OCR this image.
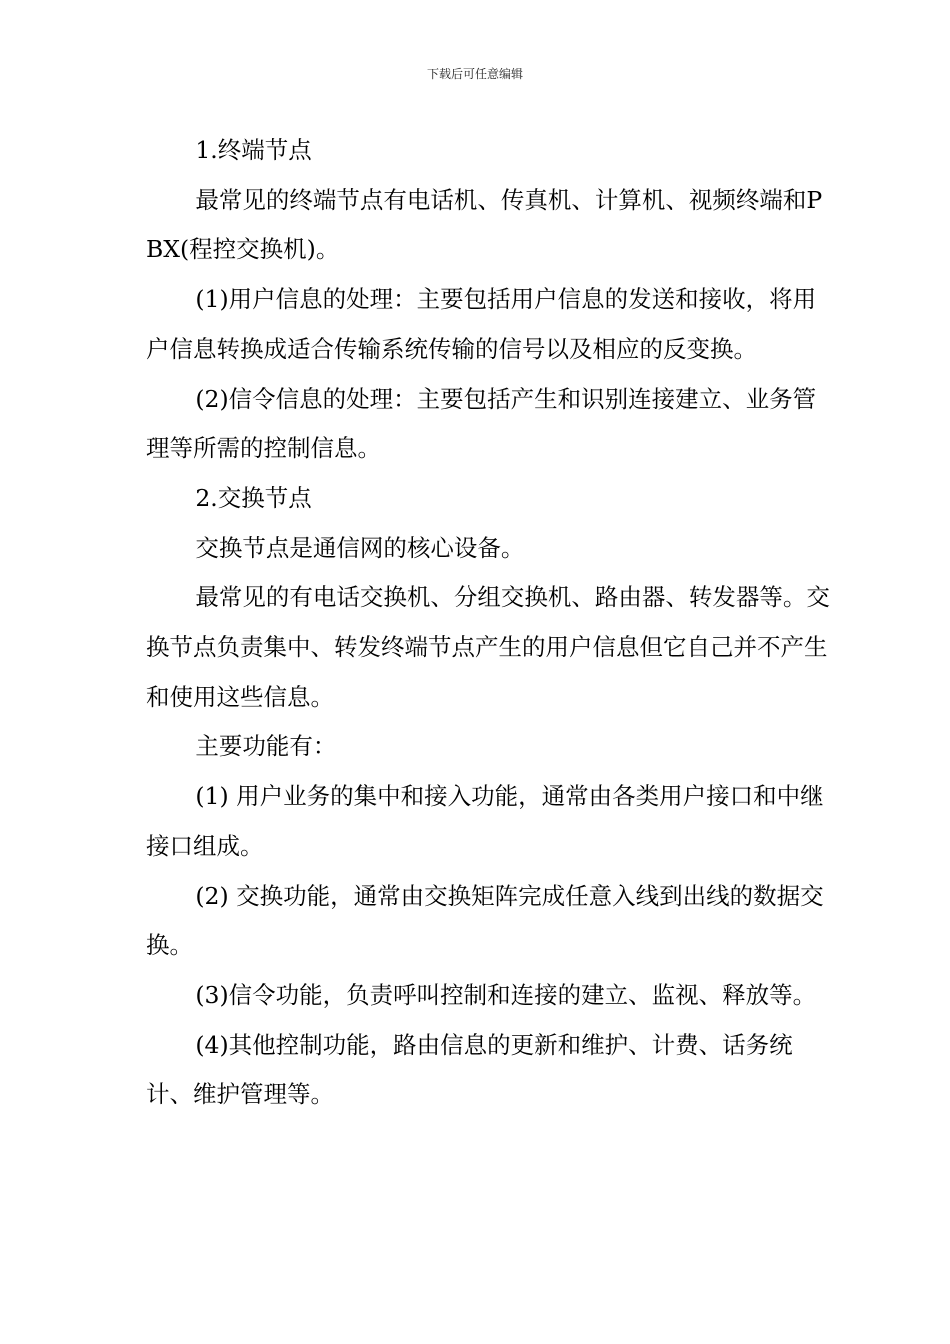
下载后可任意编辑

1.终端节点

最常见的终端节点有电话机、传真机、计算机、视频终端和PBX(程控交换机)。

(1)用户信息的处理：主要包括用户信息的发送和接收，将用户信息转换成适合传输系统传输的信号以及相应的反变换。

(2)信令信息的处理：主要包括产生和识别连接建立、业务管理等所需的控制信息。

2.交换节点

交换节点是通信网的核心设备。

最常见的有电话交换机、分组交换机、路由器、转发器等。交换节点负责集中、转发终端节点产生的用户信息但它自己并不产生和使用这些信息。

主要功能有：

(1) 用户业务的集中和接入功能，通常由各类用户接口和中继接口组成。

(2) 交换功能，通常由交换矩阵完成任意入线到出线的数据交换。

(3)信令功能，负责呼叫控制和连接的建立、监视、释放等。

(4)其他控制功能，路由信息的更新和维护、计费、话务统计、维护管理等。
